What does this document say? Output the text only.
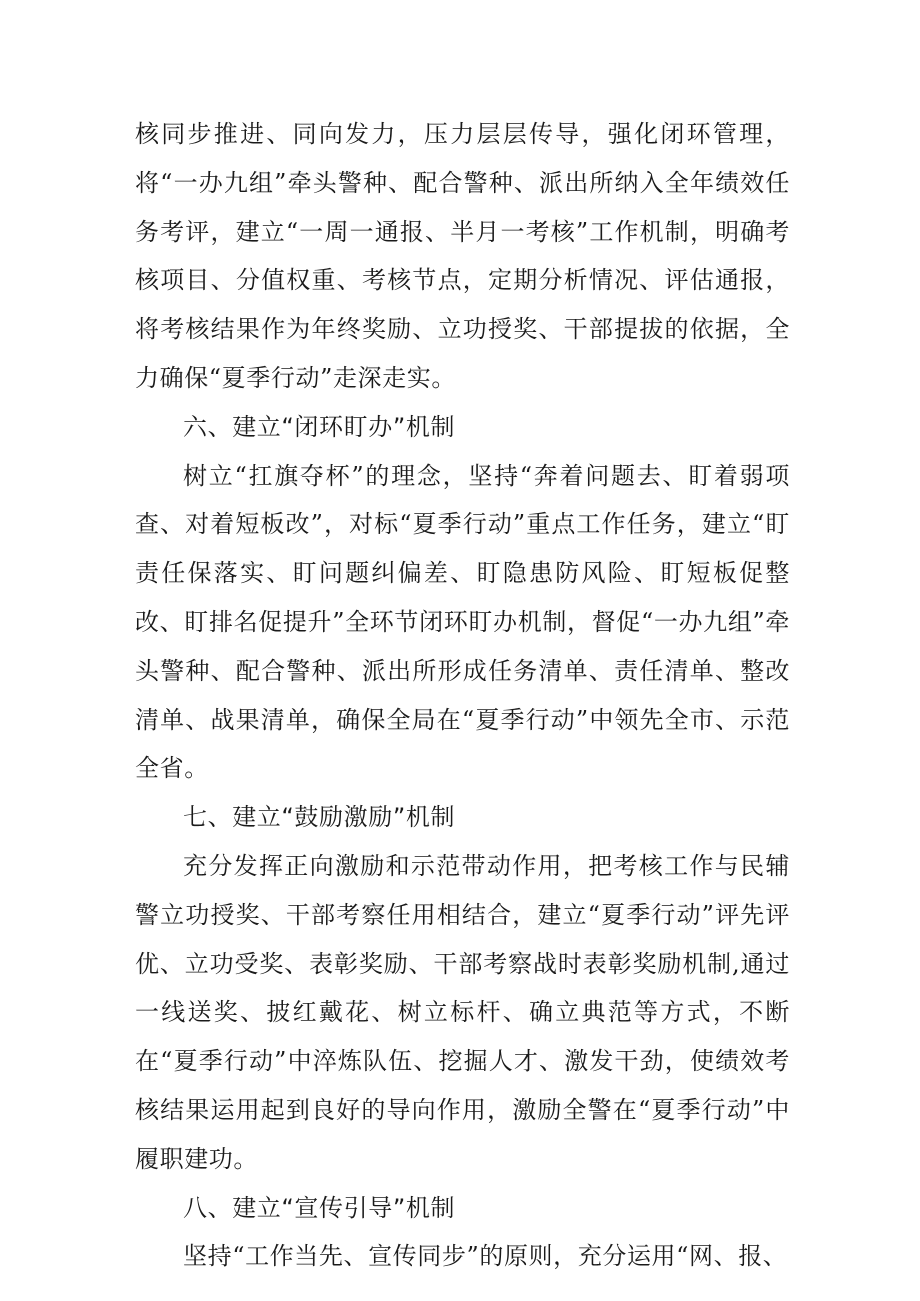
核同步推进、同向发力，压力层层传导，强化闭环管理，将“一办九组”牵头警种、配合警种、派出所纳入全年绩效任务考评，建立“一周一通报、半月一考核”工作机制，明确考核项目、分值权重、考核节点，定期分析情况、评估通报，将考核结果作为年终奖励、立功授奖、干部提拔的依据，全力确保“夏季行动”走深走实。

六、建立“闭环盯办”机制

树立“扛旗夺杯”的理念，坚持“奔着问题去、盯着弱项查、对着短板改”，对标“夏季行动”重点工作任务，建立“盯责任保落实、盯问题纠偏差、盯隐患防风险、盯短板促整改、盯排名促提升”全环节闭环盯办机制，督促“一办九组”牵头警种、配合警种、派出所形成任务清单、责任清单、整改清单、战果清单，确保全局在“夏季行动”中领先全市、示范全省。

七、建立“鼓励激励”机制

充分发挥正向激励和示范带动作用，把考核工作与民辅警立功授奖、干部考察任用相结合，建立“夏季行动”评先评优、立功受奖、表彰奖励、干部考察战时表彰奖励机制,通过一线送奖、披红戴花、树立标杆、确立典范等方式，不断在“夏季行动”中淬炼队伍、挖掘人才、激发干劲，使绩效考核结果运用起到良好的导向作用，激励全警在“夏季行动”中履职建功。

八、建立“宣传引导”机制

坚持“工作当先、宣传同步”的原则，充分运用“网、报、
